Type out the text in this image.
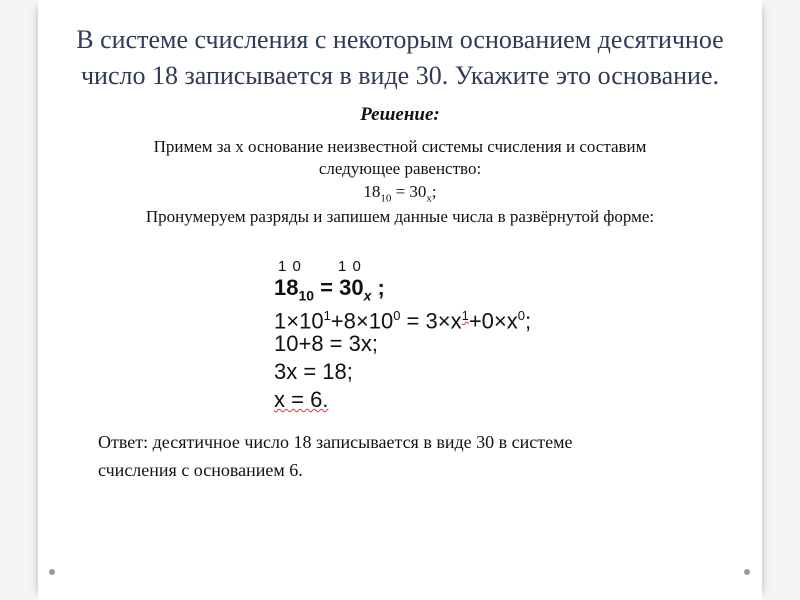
В системе счисления с некоторым основанием десятичное
число 18 записывается в виде 30. Укажите это основание.
Решение:
Примем за x основание неизвестной системы счисления и составим
следующее равенство:
$18_{10} = 30_x$;
Пронумеруем разряды и запишем данные числа в развёрнутой форме:
1 0 1 0
$18_{10} = 30_x$ ;
$1\times 10^1+8\times 10^0 = 3\times x^1+0\times x^0$;
10+8 = 3x;
3x = 18;
x = 6.
Ответ: десятичное число 18 записывается в виде 30 в системе
счисления с основанием 6.
